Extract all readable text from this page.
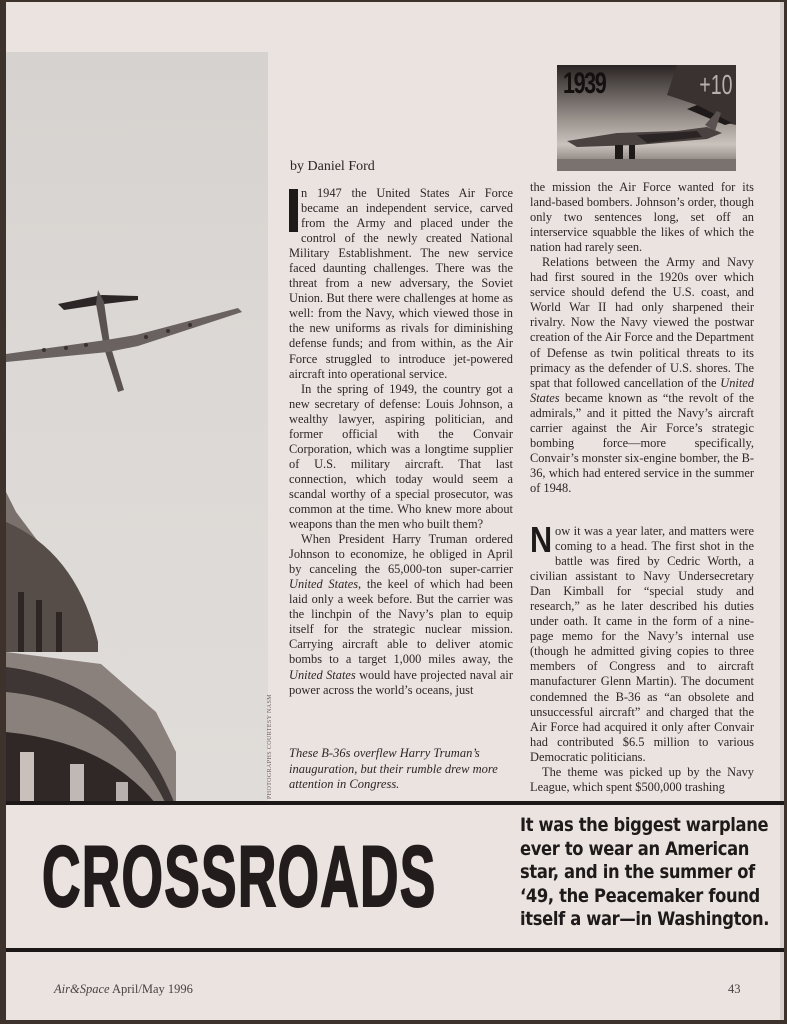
1939	+10
by Daniel Ford

n 1947 the United States Air Force became an independent service, carved from the Army and placed under the control of the newly created National Military Establishment. The new service faced daunting challenges. There was the threat from a new adversary, the Soviet Union. But there were challenges at home as well: from the Navy, which viewed those in the new uniforms as rivals for diminishing defense funds; and from within, as the Air Force struggled to introduce jet-powered aircraft into operational service.

In the spring of 1949, the country got a new secretary of defense: Louis Johnson, a wealthy lawyer, aspiring politician, and former official with the Convair Corporation, which was a longtime supplier of U.S. military aircraft. That last connection, which today would seem a scandal worthy of a special prosecutor, was common at the time. Who knew more about weapons than the men who built them?

When President Harry Truman ordered Johnson to economize, he obliged in April by canceling the 65,000-ton super-carrier United States, the keel of which had been laid only a week before. But the carrier was the linchpin of the Navy’s plan to equip itself for the strategic nuclear mission. Carrying aircraft able to deliver atomic bombs to a target 1,000 miles away, the United States would have projected naval air power across the world’s oceans, just

These B-36s overflew Harry Truman’s inauguration, but their rumble drew more attention in Congress.
PHOTOGRAPHS COURTESY NASM

the mission the Air Force wanted for its land-based bombers. Johnson’s order, though only two sentences long, set off an interservice squabble the likes of which the nation had rarely seen.

Relations between the Army and Navy had first soured in the 1920s over which service should defend the U.S. coast, and World War II had only sharpened their rivalry. Now the Navy viewed the postwar creation of the Air Force and the Department of Defense as twin political threats to its primacy as the defender of U.S. shores. The spat that followed cancellation of the United States became known as “the revolt of the admirals,” and it pitted the Navy’s aircraft carrier against the Air Force’s strategic bombing force—more specifically, Convair’s monster six-engine bomber, the B-36, which had entered service in the summer of 1948.

Now it was a year later, and matters were coming to a head. The first shot in the battle was fired by Cedric Worth, a civilian assistant to Navy Undersecretary Dan Kimball for “special study and research,” as he later described his duties under oath. It came in the form of a nine-page memo for the Navy’s internal use (though he admitted giving copies to three members of Congress and to aircraft manufacturer Glenn Martin). The document condemned the B-36 as “an obsolete and unsuccessful aircraft” and charged that the Air Force had acquired it only after Convair had contributed $6.5 million to various Democratic politicians.

The theme was picked up by the Navy League, which spent $500,000 trashing

CROSSROADS
It was the biggest warplane
ever to wear an American
star, and in the summer of
‘49, the Peacemaker found
itself a war—in Washington.
Air&Space April/May 1996	43
